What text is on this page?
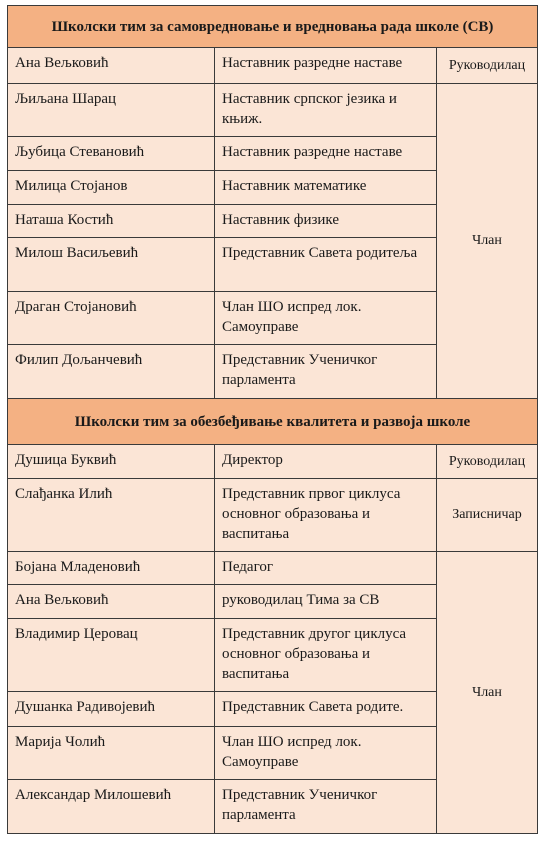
Школски тим за самовредновање и вреднoвања рада школе (СВ)		
Ана Вељковић	Наставник разредне наставе	Руководилац
Љиљана Шарац	Наставник српског језика и књиж.	Члан
Љубица Стевановић	Наставник разредне наставе	
Милица Стојанов	Наставник математике	
Наташа Костић	Наставник физике	
Милош Васиљевић	Представник Савета родитеља	
Драган Стојановић	Члан ШО испред лок. Самоуправе	
Филип Дољанчевић	Представник Ученичког парламента	
Школски тим за обезбеђивање квалитета и развоја школе		
Душица Буквић	Директор	Руководилац
Слађанка Илић	Представник првог циклуса основног образовања и васпитања	Записничар
Бојана Младеновић	Педагог	Члан
Ана Вељковић	руководилац Тима за СВ	
Владимир Церовац	Представник другог циклуса основног образовања и васпитања	
Душанка Радивојевић	Представник Савета родите.	
Марија Чолић	Члан ШО испред лок. Самоуправе	
Александар Милошевић	Представник Ученичког парламента	
